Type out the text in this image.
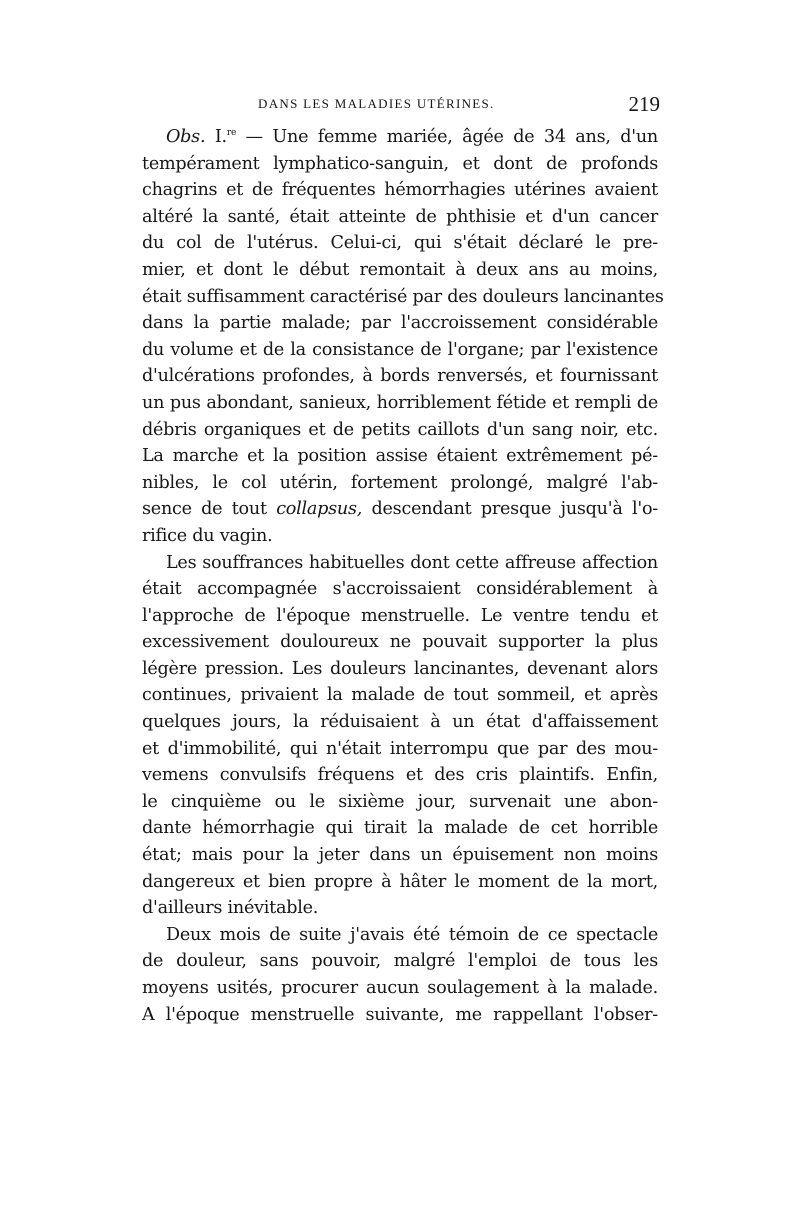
DANS LES MALADIES UTÉRINES.	219
Obs. I.$^{re}$ — Une femme mariée, âgée de 34 ans, d'un
tempérament lymphatico-sanguin, et dont de profonds
chagrins et de fréquentes hémorrhagies utérines avaient
altéré la santé, était atteinte de phthisie et d'un cancer
du col de l'utérus. Celui-ci, qui s'était déclaré le pre-
mier, et dont le début remontait à deux ans au moins,
était suffisamment caractérisé par des douleurs lancinantes
dans la partie malade; par l'accroissement considérable
du volume et de la consistance de l'organe; par l'existence
d'ulcérations profondes, à bords renversés, et fournissant
un pus abondant, sanieux, horriblement fétide et rempli de
débris organiques et de petits caillots d'un sang noir, etc.
La marche et la position assise étaient extrêmement pé-
nibles, le col utérin, fortement prolongé, malgré l'ab-
sence de tout collapsus, descendant presque jusqu'à l'o-
rifice du vagin.
Les souffrances habituelles dont cette affreuse affection
était accompagnée s'accroissaient considérablement à
l'approche de l'époque menstruelle. Le ventre tendu et
excessivement douloureux ne pouvait supporter la plus
légère pression. Les douleurs lancinantes, devenant alors
continues, privaient la malade de tout sommeil, et après
quelques jours, la réduisaient à un état d'affaissement
et d'immobilité, qui n'était interrompu que par des mou-
vemens convulsifs fréquens et des cris plaintifs. Enfin,
le cinquième ou le sixième jour, survenait une abon-
dante hémorrhagie qui tirait la malade de cet horrible
état; mais pour la jeter dans un épuisement non moins
dangereux et bien propre à hâter le moment de la mort,
d'ailleurs inévitable.
Deux mois de suite j'avais été témoin de ce spectacle
de douleur, sans pouvoir, malgré l'emploi de tous les
moyens usités, procurer aucun soulagement à la malade.
A l'époque menstruelle suivante, me rappellant l'obser-
